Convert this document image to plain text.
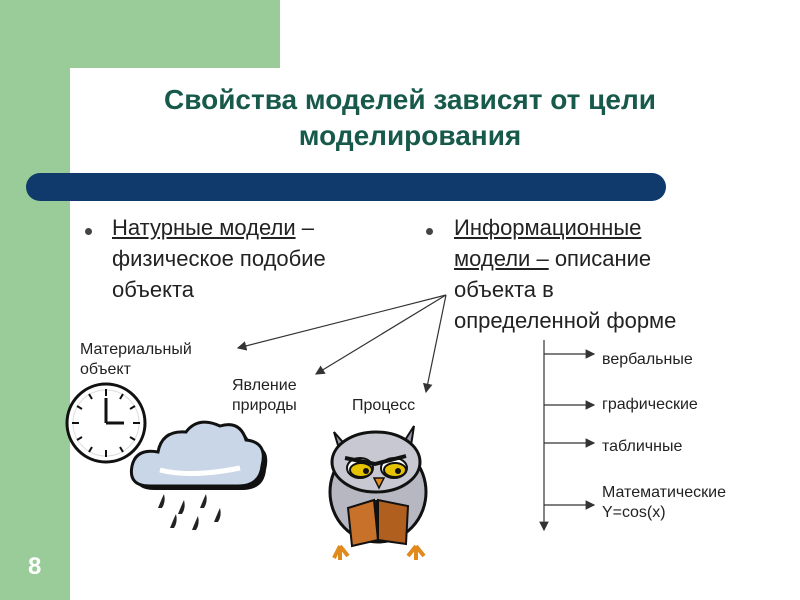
8
Свойства моделей зависят от цели
моделирования
Натурные модели –
физическое подобие
объекта
Информационные
модели – описание
объекта в
определенной форме
Материальный
объект
Явление
природы	Процесс
вербальные
графические
табличные
Математические
Y=cos(x)
